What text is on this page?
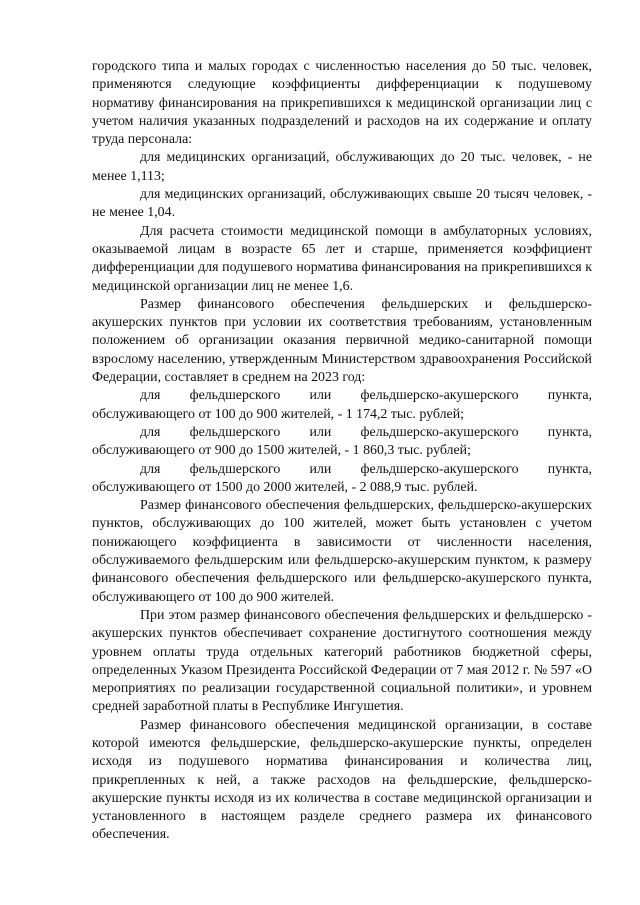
городского типа и малых городах с численностью населения до 50 тыс. человек, применяются следующие коэффициенты дифференциации к подушевому нормативу финансирования на прикрепившихся к медицинской организации лиц с учетом наличия указанных подразделений и расходов на их содержание и оплату труда персонала:

для медицинских организаций, обслуживающих до 20 тыс. человек, - не менее 1,113;

для медицинских организаций, обслуживающих свыше 20 тысяч человек, - не менее 1,04.

Для расчета стоимости медицинской помощи в амбулаторных условиях, оказываемой лицам в возрасте 65 лет и старше, применяется коэффициент дифференциации для подушевого норматива финансирования на прикрепившихся к медицинской организации лиц не менее 1,6.

Размер финансового обеспечения фельдшерских и фельдшерско-акушерских пунктов при условии их соответствия требованиям, установленным положением об организации оказания первичной медико-санитарной помощи взрослому населению, утвержденным Министерством здравоохранения Российской Федерации, составляет в среднем на 2023 год:

для фельдшерского или фельдшерско-акушерского пункта, обслуживающего от 100 до 900 жителей, - 1 174,2 тыс. рублей;

для фельдшерского или фельдшерско-акушерского пункта, обслуживающего от 900 до 1500 жителей, - 1 860,3 тыс. рублей;

для фельдшерского или фельдшерско-акушерского пункта, обслуживающего от 1500 до 2000 жителей, - 2 088,9 тыс. рублей.

Размер финансового обеспечения фельдшерских, фельдшерско-акушерских пунктов, обслуживающих до 100 жителей, может быть установлен с учетом понижающего коэффициента в зависимости от численности населения, обслуживаемого фельдшерским или фельдшерско-акушерским пунктом, к размеру финансового обеспечения фельдшерского или фельдшерско-акушерского пункта, обслуживающего от 100 до 900 жителей.

При этом размер финансового обеспечения фельдшерских и фельдшерско - акушерских пунктов обеспечивает сохранение достигнутого соотношения между уровнем оплаты труда отдельных категорий работников бюджетной сферы, определенных Указом Президента Российской Федерации от 7 мая 2012 г. № 597 «О мероприятиях по реализации государственной социальной политики», и уровнем средней заработной платы в Республике Ингушетия.

Размер финансового обеспечения медицинской организации, в составе которой имеются фельдшерские, фельдшерско-акушерские пункты, определен исходя из подушевого норматива финансирования и количества лиц, прикрепленных к ней, а также расходов на фельдшерские, фельдшерско-акушерские пункты исходя из их количества в составе медицинской организации и установленного в настоящем разделе среднего размера их финансового обеспечения.
